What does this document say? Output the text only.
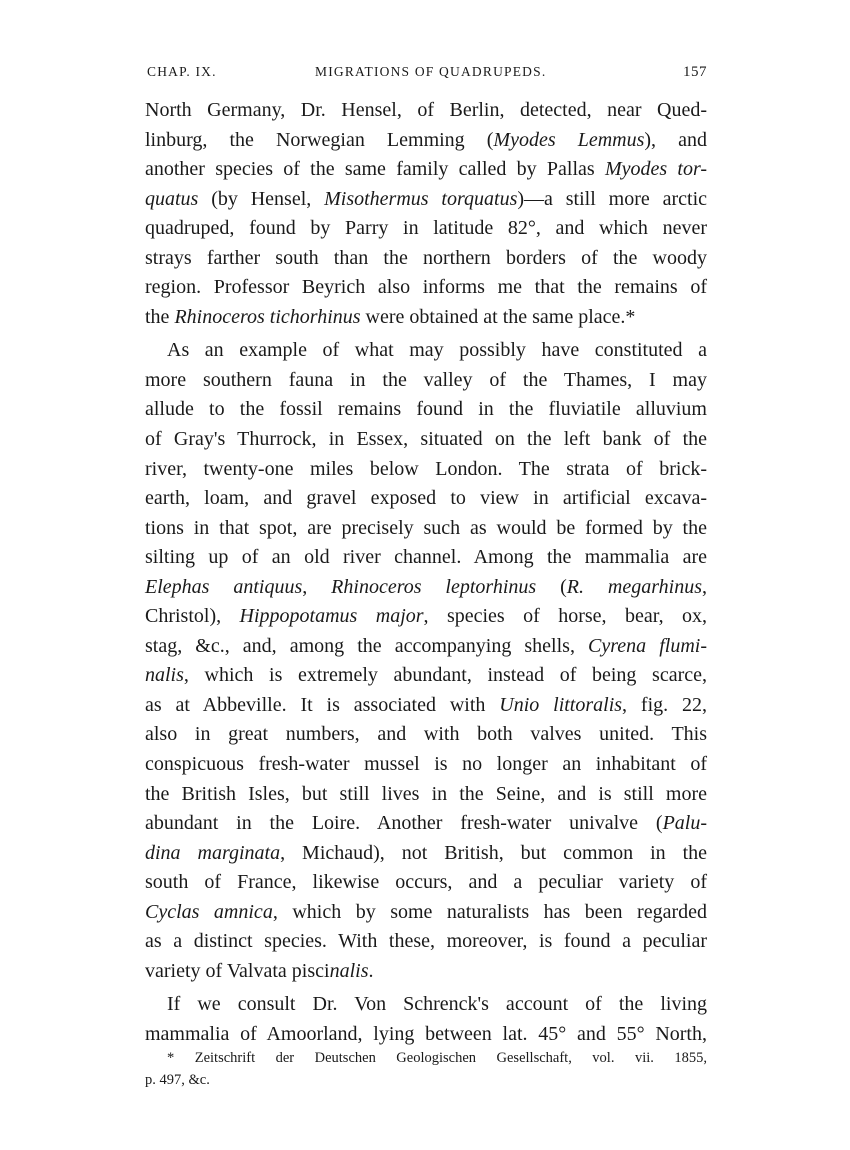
CHAP. IX.	MIGRATIONS OF QUADRUPEDS.	157
North Germany, Dr. Hensel, of Berlin, detected, near Qued-
linburg, the Norwegian Lemming (Myodes Lemmus), and
another species of the same family called by Pallas Myodes tor-
quatus (by Hensel, Misothermus torquatus)—a still more arctic
quadruped, found by Parry in latitude 82°, and which never
strays farther south than the northern borders of the woody
region. Professor Beyrich also informs me that the remains of
the Rhinoceros tichorhinus were obtained at the same place.*
As an example of what may possibly have constituted a
more southern fauna in the valley of the Thames, I may
allude to the fossil remains found in the fluviatile alluvium
of Gray's Thurrock, in Essex, situated on the left bank of the
river, twenty-one miles below London. The strata of brick-
earth, loam, and gravel exposed to view in artificial excava-
tions in that spot, are precisely such as would be formed by the
silting up of an old river channel. Among the mammalia are
Elephas antiquus, Rhinoceros leptorhinus (R. megarhinus,
Christol), Hippopotamus major, species of horse, bear, ox,
stag, &c., and, among the accompanying shells, Cyrena flumi-
nalis, which is extremely abundant, instead of being scarce,
as at Abbeville. It is associated with Unio littoralis, fig. 22,
also in great numbers, and with both valves united. This
conspicuous fresh-water mussel is no longer an inhabitant of
the British Isles, but still lives in the Seine, and is still more
abundant in the Loire. Another fresh-water univalve (Palu-
dina marginata, Michaud), not British, but common in the
south of France, likewise occurs, and a peculiar variety of
Cyclas amnica, which by some naturalists has been regarded
as a distinct species. With these, moreover, is found a peculiar
variety of Valvata piscinalis.
If we consult Dr. Von Schrenck's account of the living
mammalia of Amoorland, lying between lat. 45° and 55° North,
* Zeitschrift der Deutschen Geologischen Gesellschaft, vol. vii. 1855,
p. 497, &c.
